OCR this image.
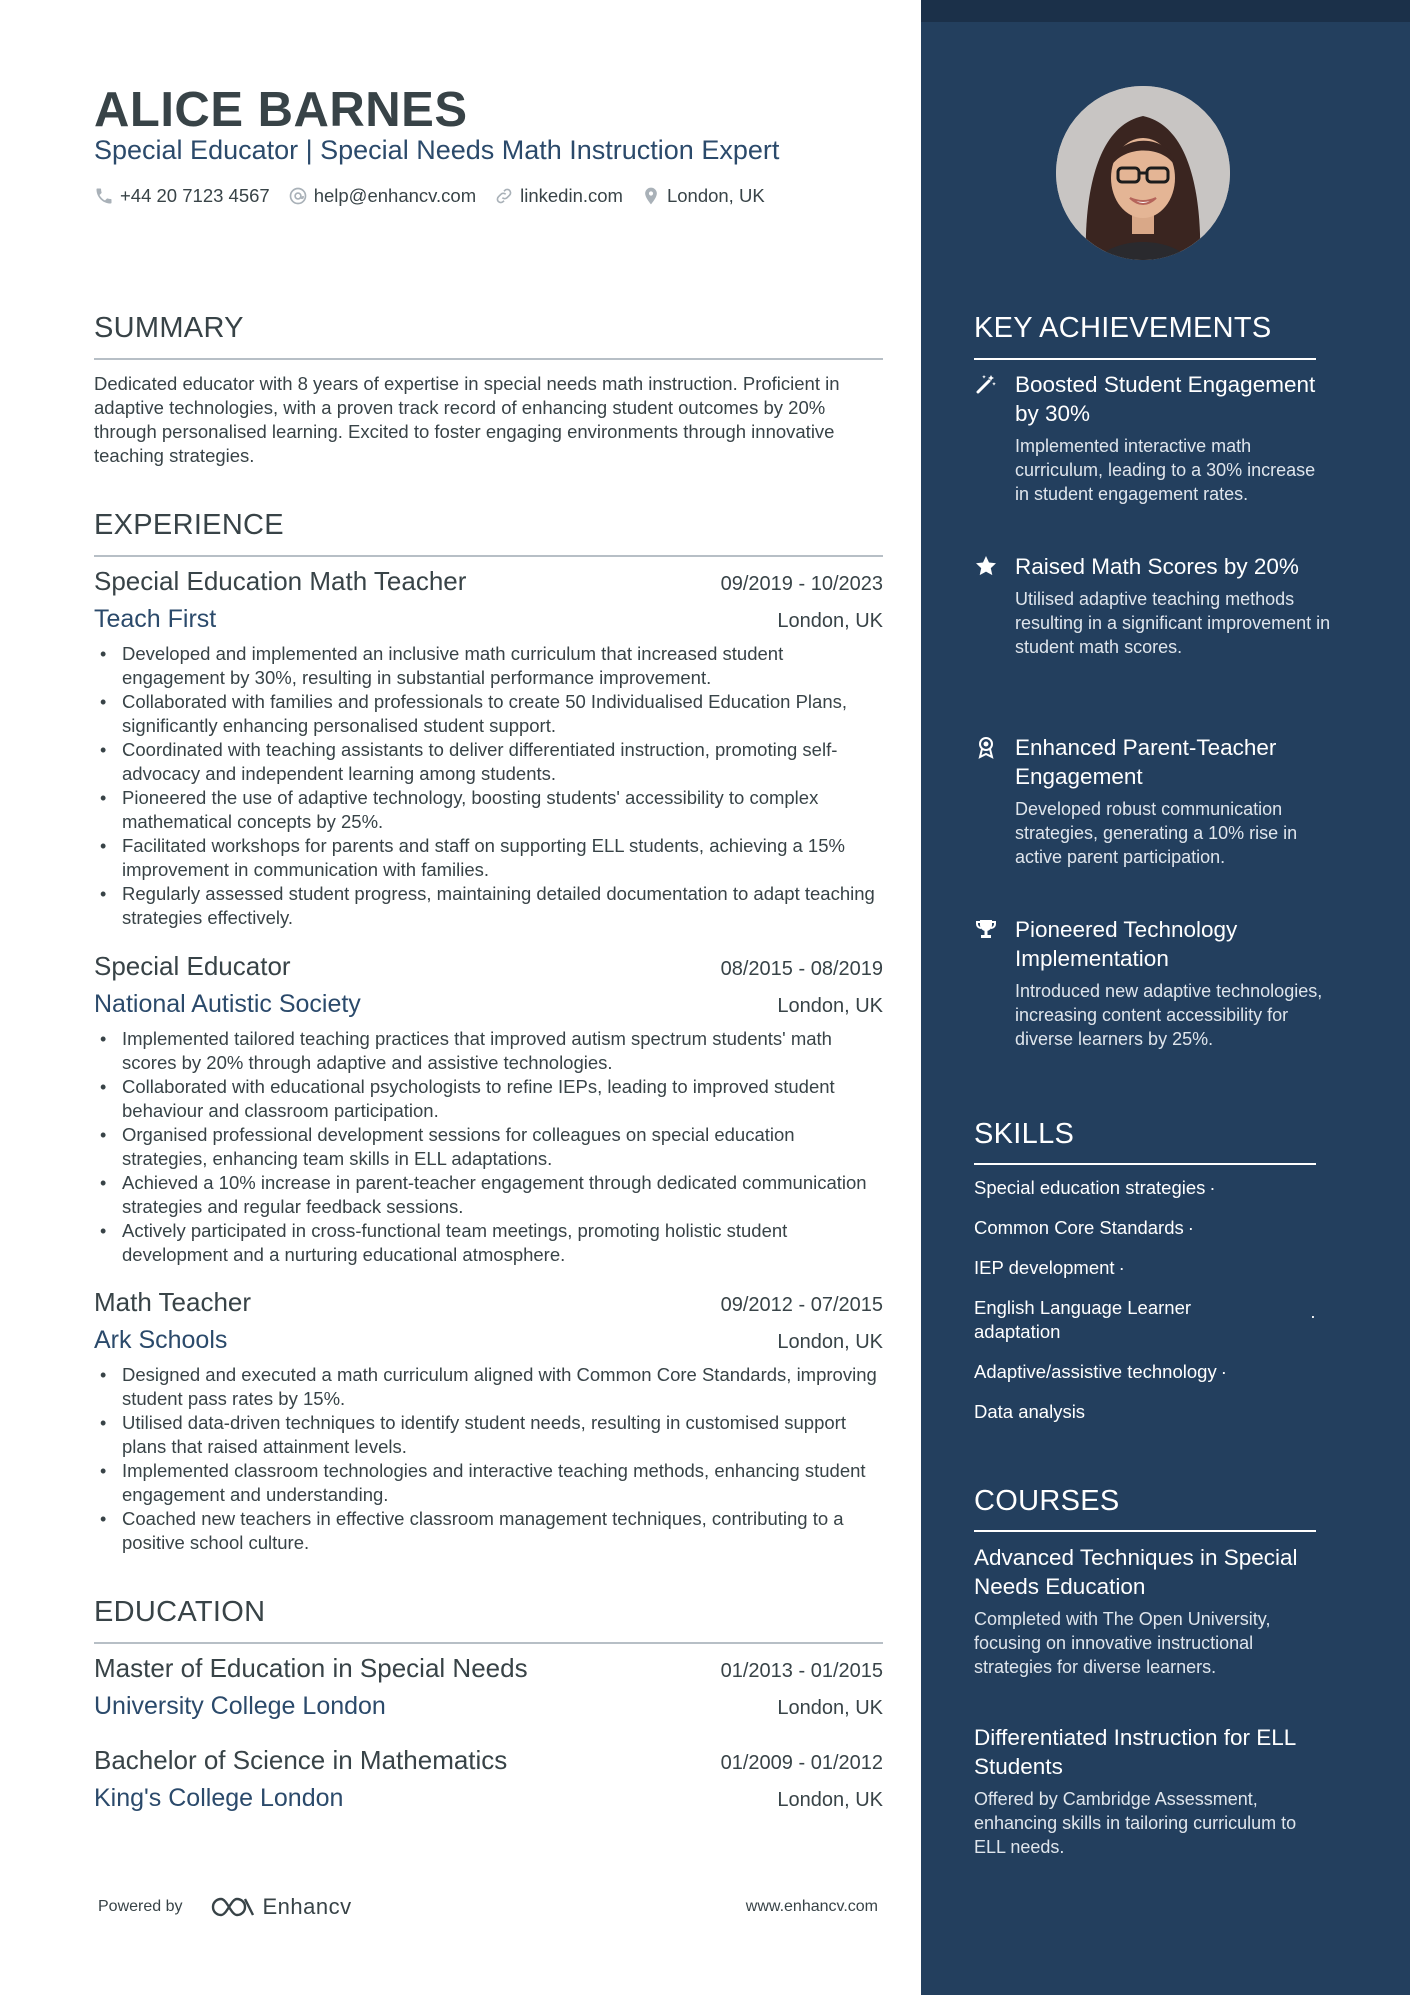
ALICE BARNES
Special Educator | Special Needs Math Instruction Expert
+44 20 7123 4567 help@enhancv.com linkedin.com London, UK
SUMMARY
Dedicated educator with 8 years of expertise in special needs math instruction. Proficient in adaptive technologies, with a proven track record of enhancing student outcomes by 20% through personalised learning. Excited to foster engaging environments through innovative teaching strategies.
EXPERIENCE
Special Education Math Teacher	09/2019 - 10/2023
Teach First	London, UK
• Developed and implemented an inclusive math curriculum that increased student engagement by 30%, resulting in substantial performance improvement.
• Collaborated with families and professionals to create 50 Individualised Education Plans, significantly enhancing personalised student support.
• Coordinated with teaching assistants to deliver differentiated instruction, promoting self-advocacy and independent learning among students.
• Pioneered the use of adaptive technology, boosting students' accessibility to complex mathematical concepts by 25%.
• Facilitated workshops for parents and staff on supporting ELL students, achieving a 15% improvement in communication with families.
• Regularly assessed student progress, maintaining detailed documentation to adapt teaching strategies effectively.
Special Educator	08/2015 - 08/2019
National Autistic Society	London, UK
• Implemented tailored teaching practices that improved autism spectrum students' math scores by 20% through adaptive and assistive technologies.
• Collaborated with educational psychologists to refine IEPs, leading to improved student behaviour and classroom participation.
• Organised professional development sessions for colleagues on special education strategies, enhancing team skills in ELL adaptations.
• Achieved a 10% increase in parent-teacher engagement through dedicated communication strategies and regular feedback sessions.
• Actively participated in cross-functional team meetings, promoting holistic student development and a nurturing educational atmosphere.
Math Teacher	09/2012 - 07/2015
Ark Schools	London, UK
• Designed and executed a math curriculum aligned with Common Core Standards, improving student pass rates by 15%.
• Utilised data-driven techniques to identify student needs, resulting in customised support plans that raised attainment levels.
• Implemented classroom technologies and interactive teaching methods, enhancing student engagement and understanding.
• Coached new teachers in effective classroom management techniques, contributing to a positive school culture.
EDUCATION
Master of Education in Special Needs	01/2013 - 01/2015
University College London	London, UK
Bachelor of Science in Mathematics	01/2009 - 01/2012
King's College London	London, UK
Powered by	Enhancv	www.enhancv.com
KEY ACHIEVEMENTS
Boosted Student Engagement by 30%
Implemented interactive math curriculum, leading to a 30% increase in student engagement rates.
Raised Math Scores by 20%
Utilised adaptive teaching methods resulting in a significant improvement in student math scores.
Enhanced Parent-Teacher Engagement
Developed robust communication strategies, generating a 10% rise in active parent participation.
Pioneered Technology Implementation
Introduced new adaptive technologies, increasing content accessibility for diverse learners by 25%.
SKILLS
Special education strategies ·
Common Core Standards ·
IEP development ·
English Language Learner adaptation
·
Adaptive/assistive technology ·
Data analysis
COURSES
Advanced Techniques in Special Needs Education
Completed with The Open University, focusing on innovative instructional strategies for diverse learners.
Differentiated Instruction for ELL Students
Offered by Cambridge Assessment, enhancing skills in tailoring curriculum to ELL needs.
